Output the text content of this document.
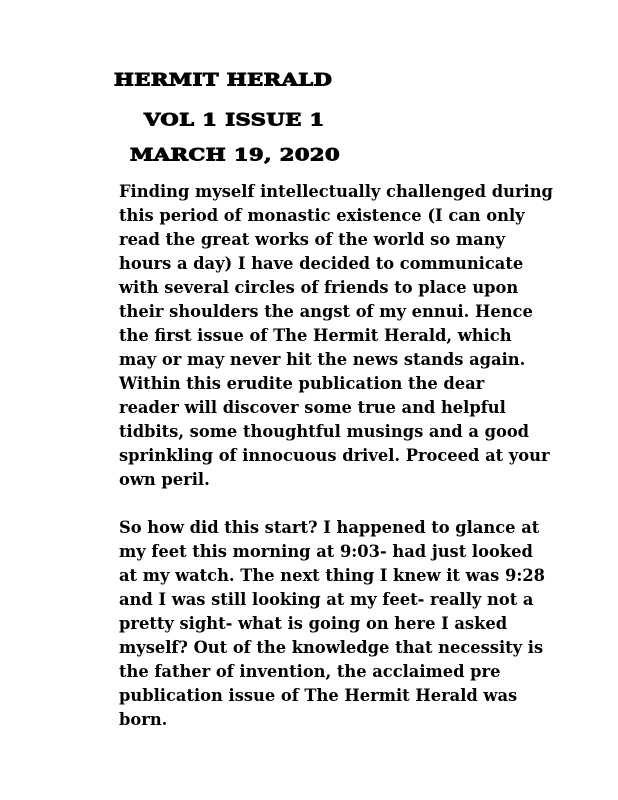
HERMIT HERALD
VOL 1 ISSUE 1
MARCH 19, 2020

Finding myself intellectually challenged during
this period of monastic existence (I can only
read the great works of the world so many
hours a day) I have decided to communicate
with several circles of friends to place upon
their shoulders the angst of my ennui. Hence
the first issue of The Hermit Herald, which
may or may never hit the news stands again.
Within this erudite publication the dear
reader will discover some true and helpful
tidbits, some thoughtful musings and a good
sprinkling of innocuous drivel. Proceed at your
own peril.

So how did this start? I happened to glance at
my feet this morning at 9:03- had just looked
at my watch. The next thing I knew it was 9:28
and I was still looking at my feet- really not a
pretty sight- what is going on here I asked
myself? Out of the knowledge that necessity is
the father of invention, the acclaimed pre
publication issue of The Hermit Herald was
born.
